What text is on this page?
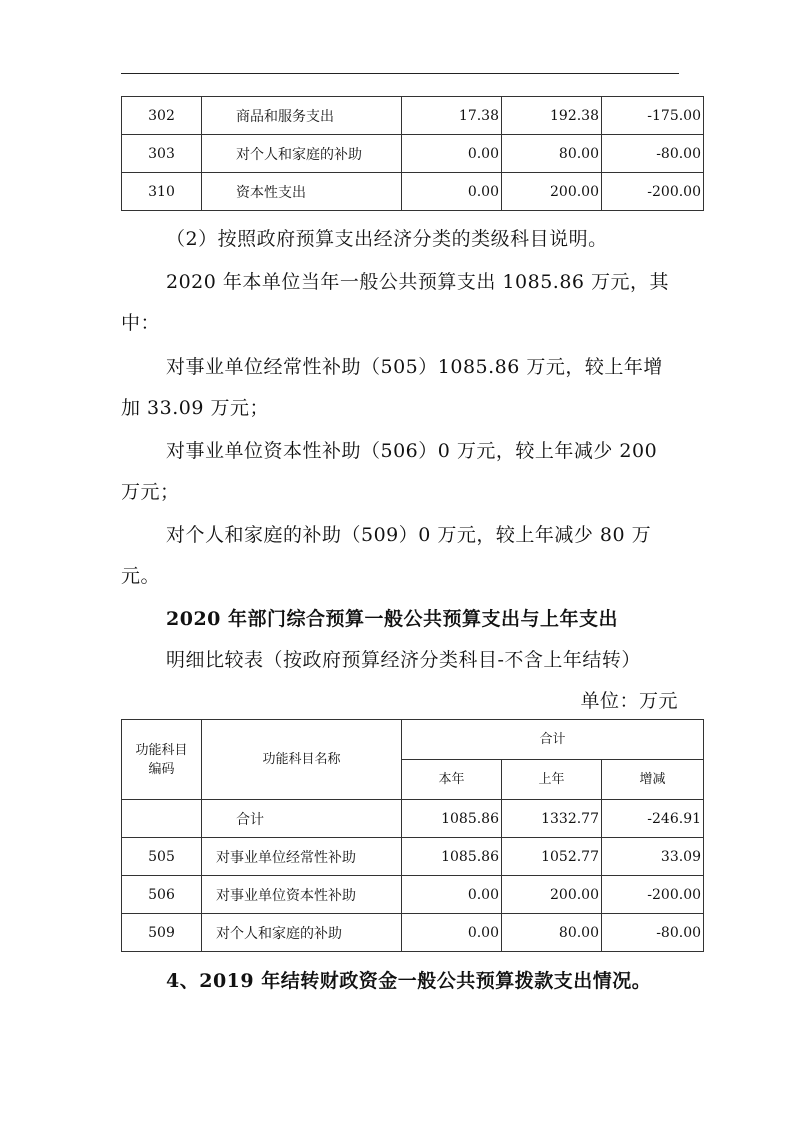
302	商品和服务支出	17.38	192.38	-175.00
303	对个人和家庭的补助	0.00	80.00	-80.00
310	资本性支出	0.00	200.00	-200.00
（2）按照政府预算支出经济分类的类级科目说明。
2020 年本单位当年一般公共预算支出 1085.86 万元，其
中：
对事业单位经常性补助（505）1085.86 万元，较上年增
加 33.09 万元；
对事业单位资本性补助（506）0 万元，较上年减少 200
万元；
对个人和家庭的补助（509）0 万元，较上年减少 80 万
元。
2020 年部门综合预算一般公共预算支出与上年支出
明细比较表（按政府预算经济分类科目-不含上年结转）
单位：万元
功能科目
编码	功能科目名称	合计		
		本年	上年	增减
	合计	1085.86	1332.77	-246.91
505	对事业单位经常性补助	1085.86	1052.77	33.09
506	对事业单位资本性补助	0.00	200.00	-200.00
509	对个人和家庭的补助	0.00	80.00	-80.00
4、2019 年结转财政资金一般公共预算拨款支出情况。
